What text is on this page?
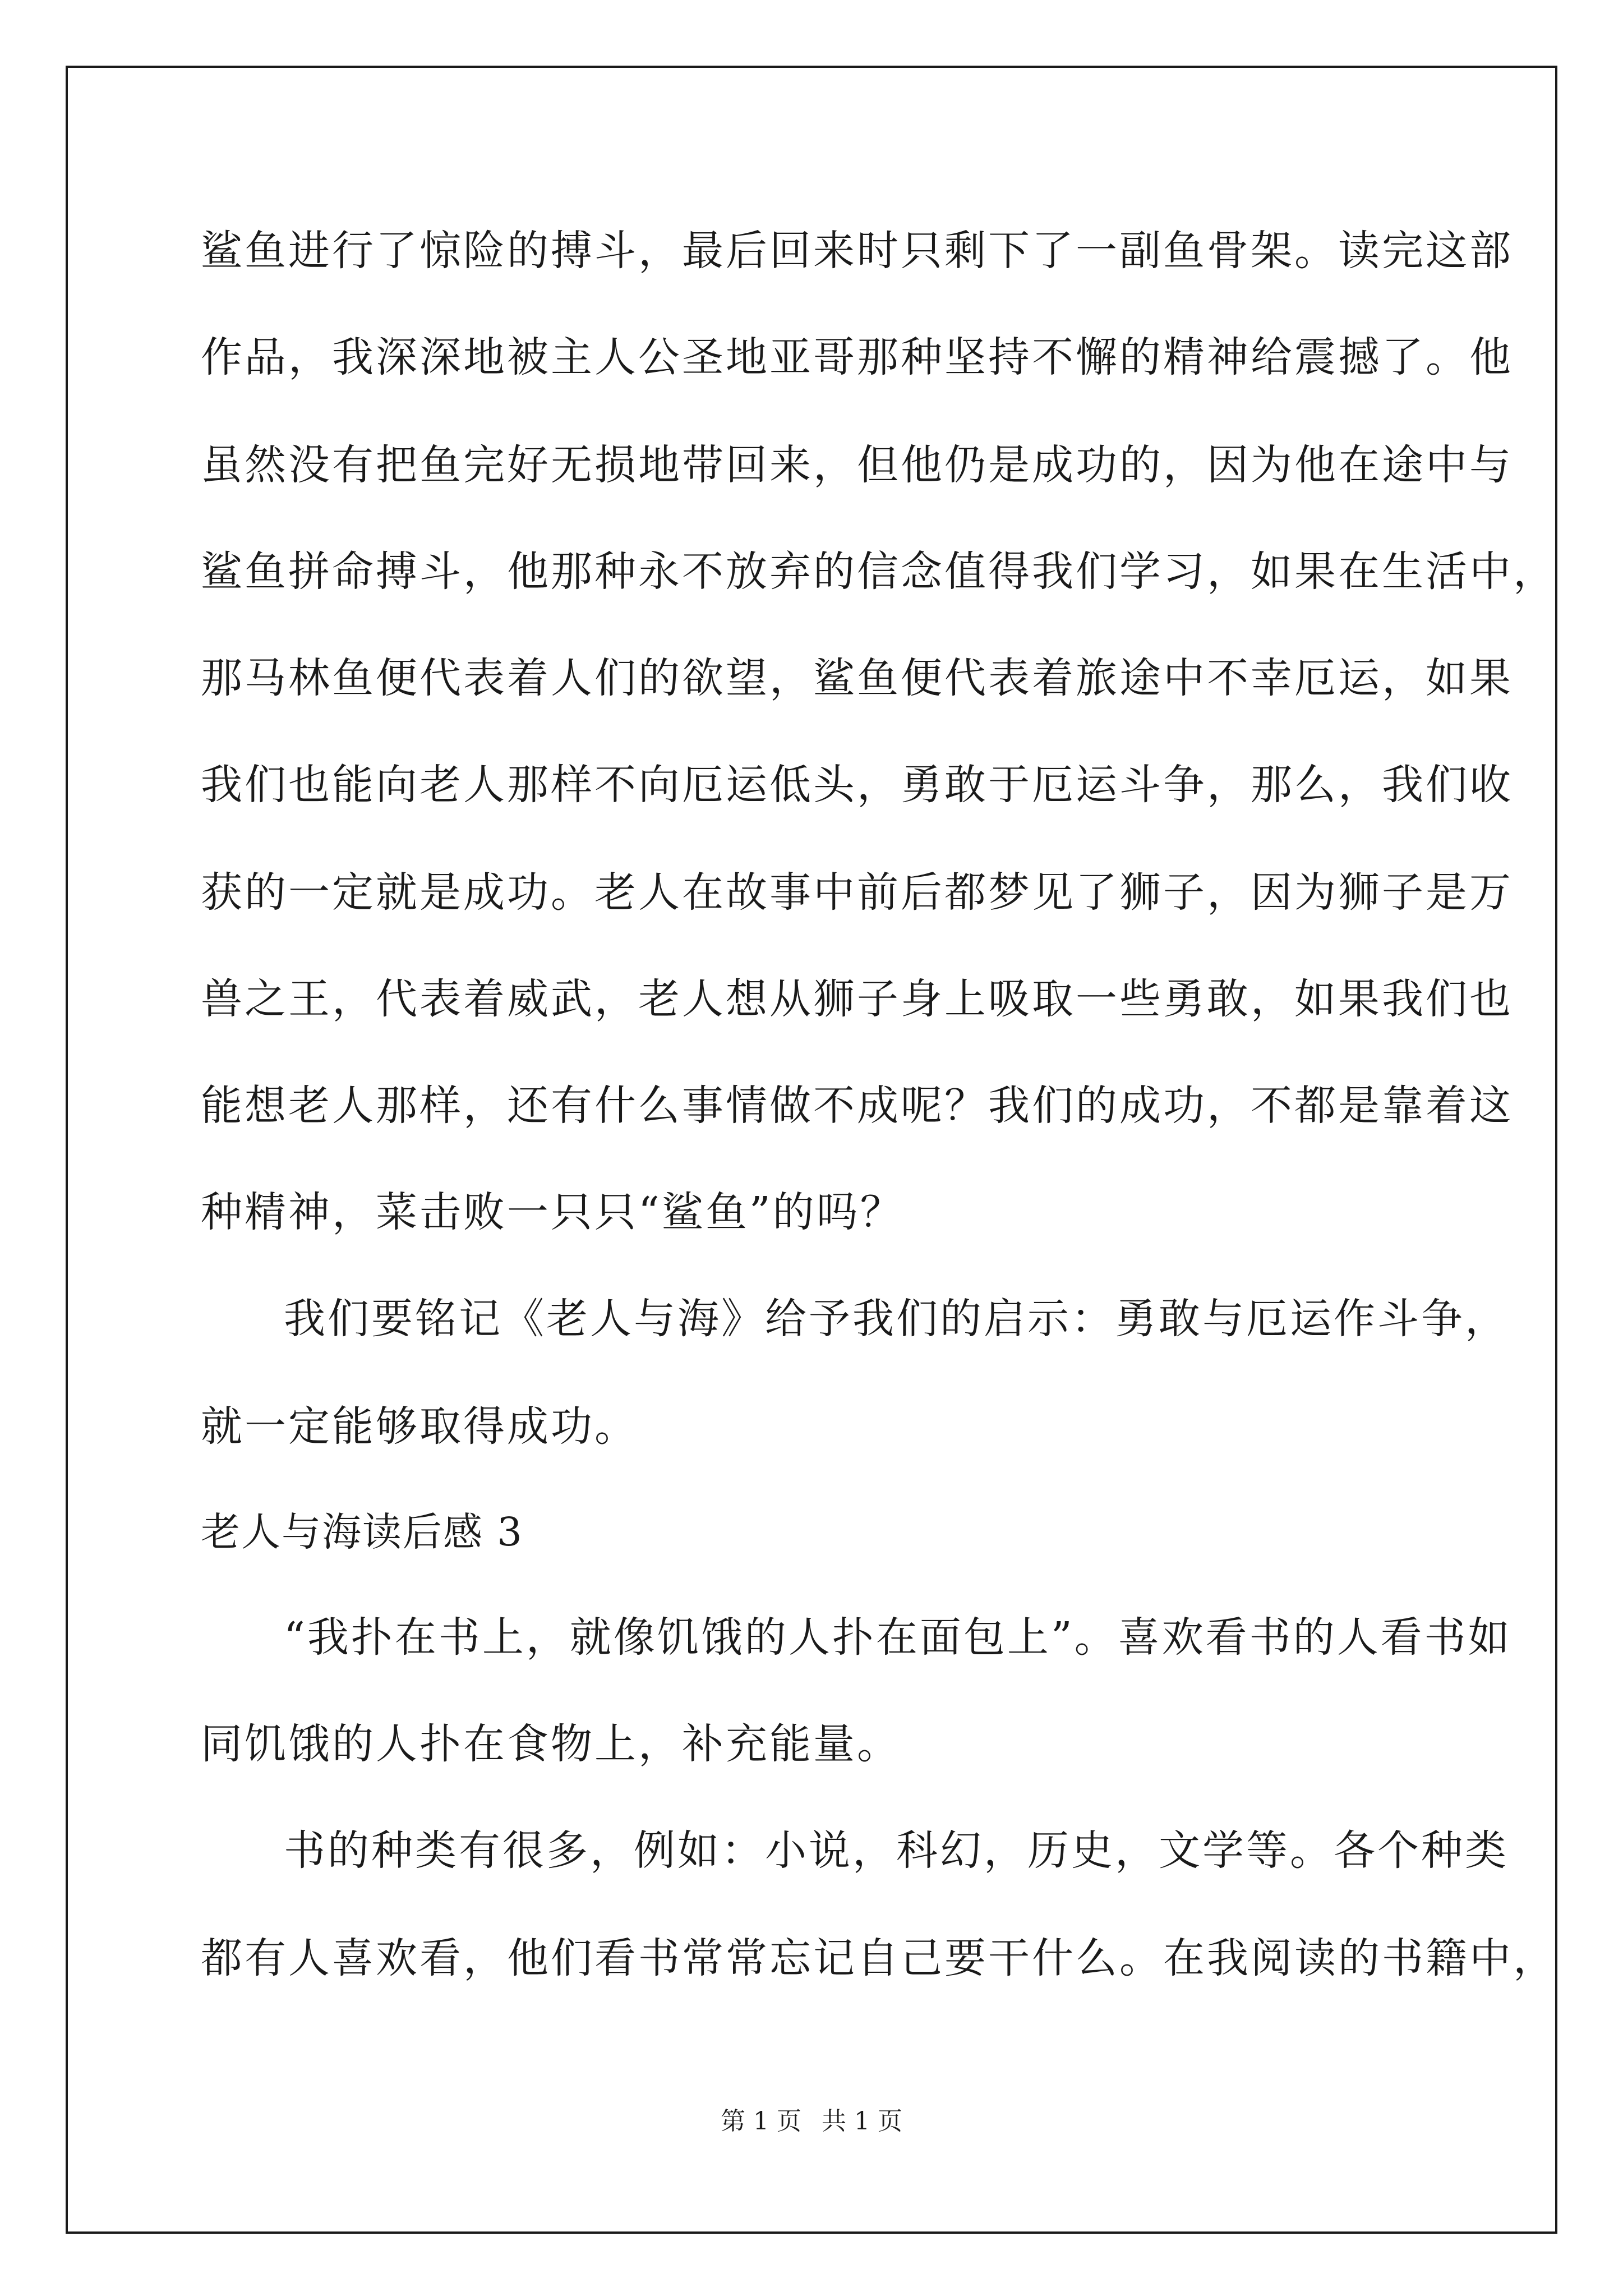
鲨鱼进行了惊险的搏斗，最后回来时只剩下了一副鱼骨架。读完这部
作品，我深深地被主人公圣地亚哥那种坚持不懈的精神给震撼了。他
虽然没有把鱼完好无损地带回来，但他仍是成功的，因为他在途中与
鲨鱼拼命搏斗，他那种永不放弃的信念值得我们学习，如果在生活中，
那马林鱼便代表着人们的欲望，鲨鱼便代表着旅途中不幸厄运，如果
我们也能向老人那样不向厄运低头，勇敢于厄运斗争，那么，我们收
获的一定就是成功。老人在故事中前后都梦见了狮子，因为狮子是万
兽之王，代表着威武，老人想从狮子身上吸取一些勇敢，如果我们也
能想老人那样，还有什么事情做不成呢？我们的成功，不都是靠着这
种精神，菜击败一只只“鲨鱼”的吗？
我们要铭记《老人与海》给予我们的启示：勇敢与厄运作斗争，
就一定能够取得成功。
老人与海读后感 3
“我扑在书上，就像饥饿的人扑在面包上”。喜欢看书的人看书如
同饥饿的人扑在食物上，补充能量。
书的种类有很多，例如：小说，科幻，历史，文学等。各个种类
都有人喜欢看，他们看书常常忘记自己要干什么。在我阅读的书籍中，
第 1 页 共 1 页
